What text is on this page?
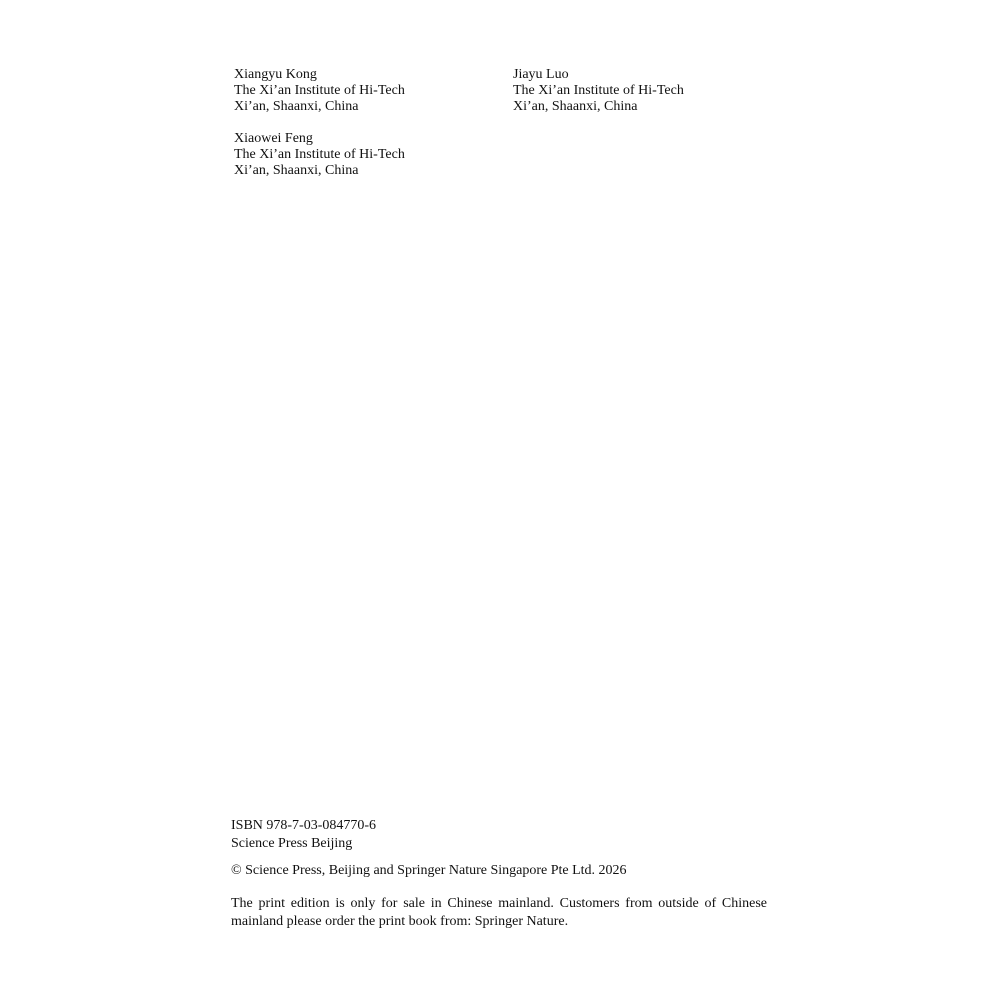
Xiangyu Kong
The Xi’an Institute of Hi-Tech
Xi’an, Shaanxi, China
Jiayu Luo
The Xi’an Institute of Hi-Tech
Xi’an, Shaanxi, China
Xiaowei Feng
The Xi’an Institute of Hi-Tech
Xi’an, Shaanxi, China
ISBN 978-7-03-084770-6
Science Press Beijing
© Science Press, Beijing and Springer Nature Singapore Pte Ltd. 2026
The print edition is only for sale in Chinese mainland. Customers from outside of Chinese mainland please order the print book from: Springer Nature.
